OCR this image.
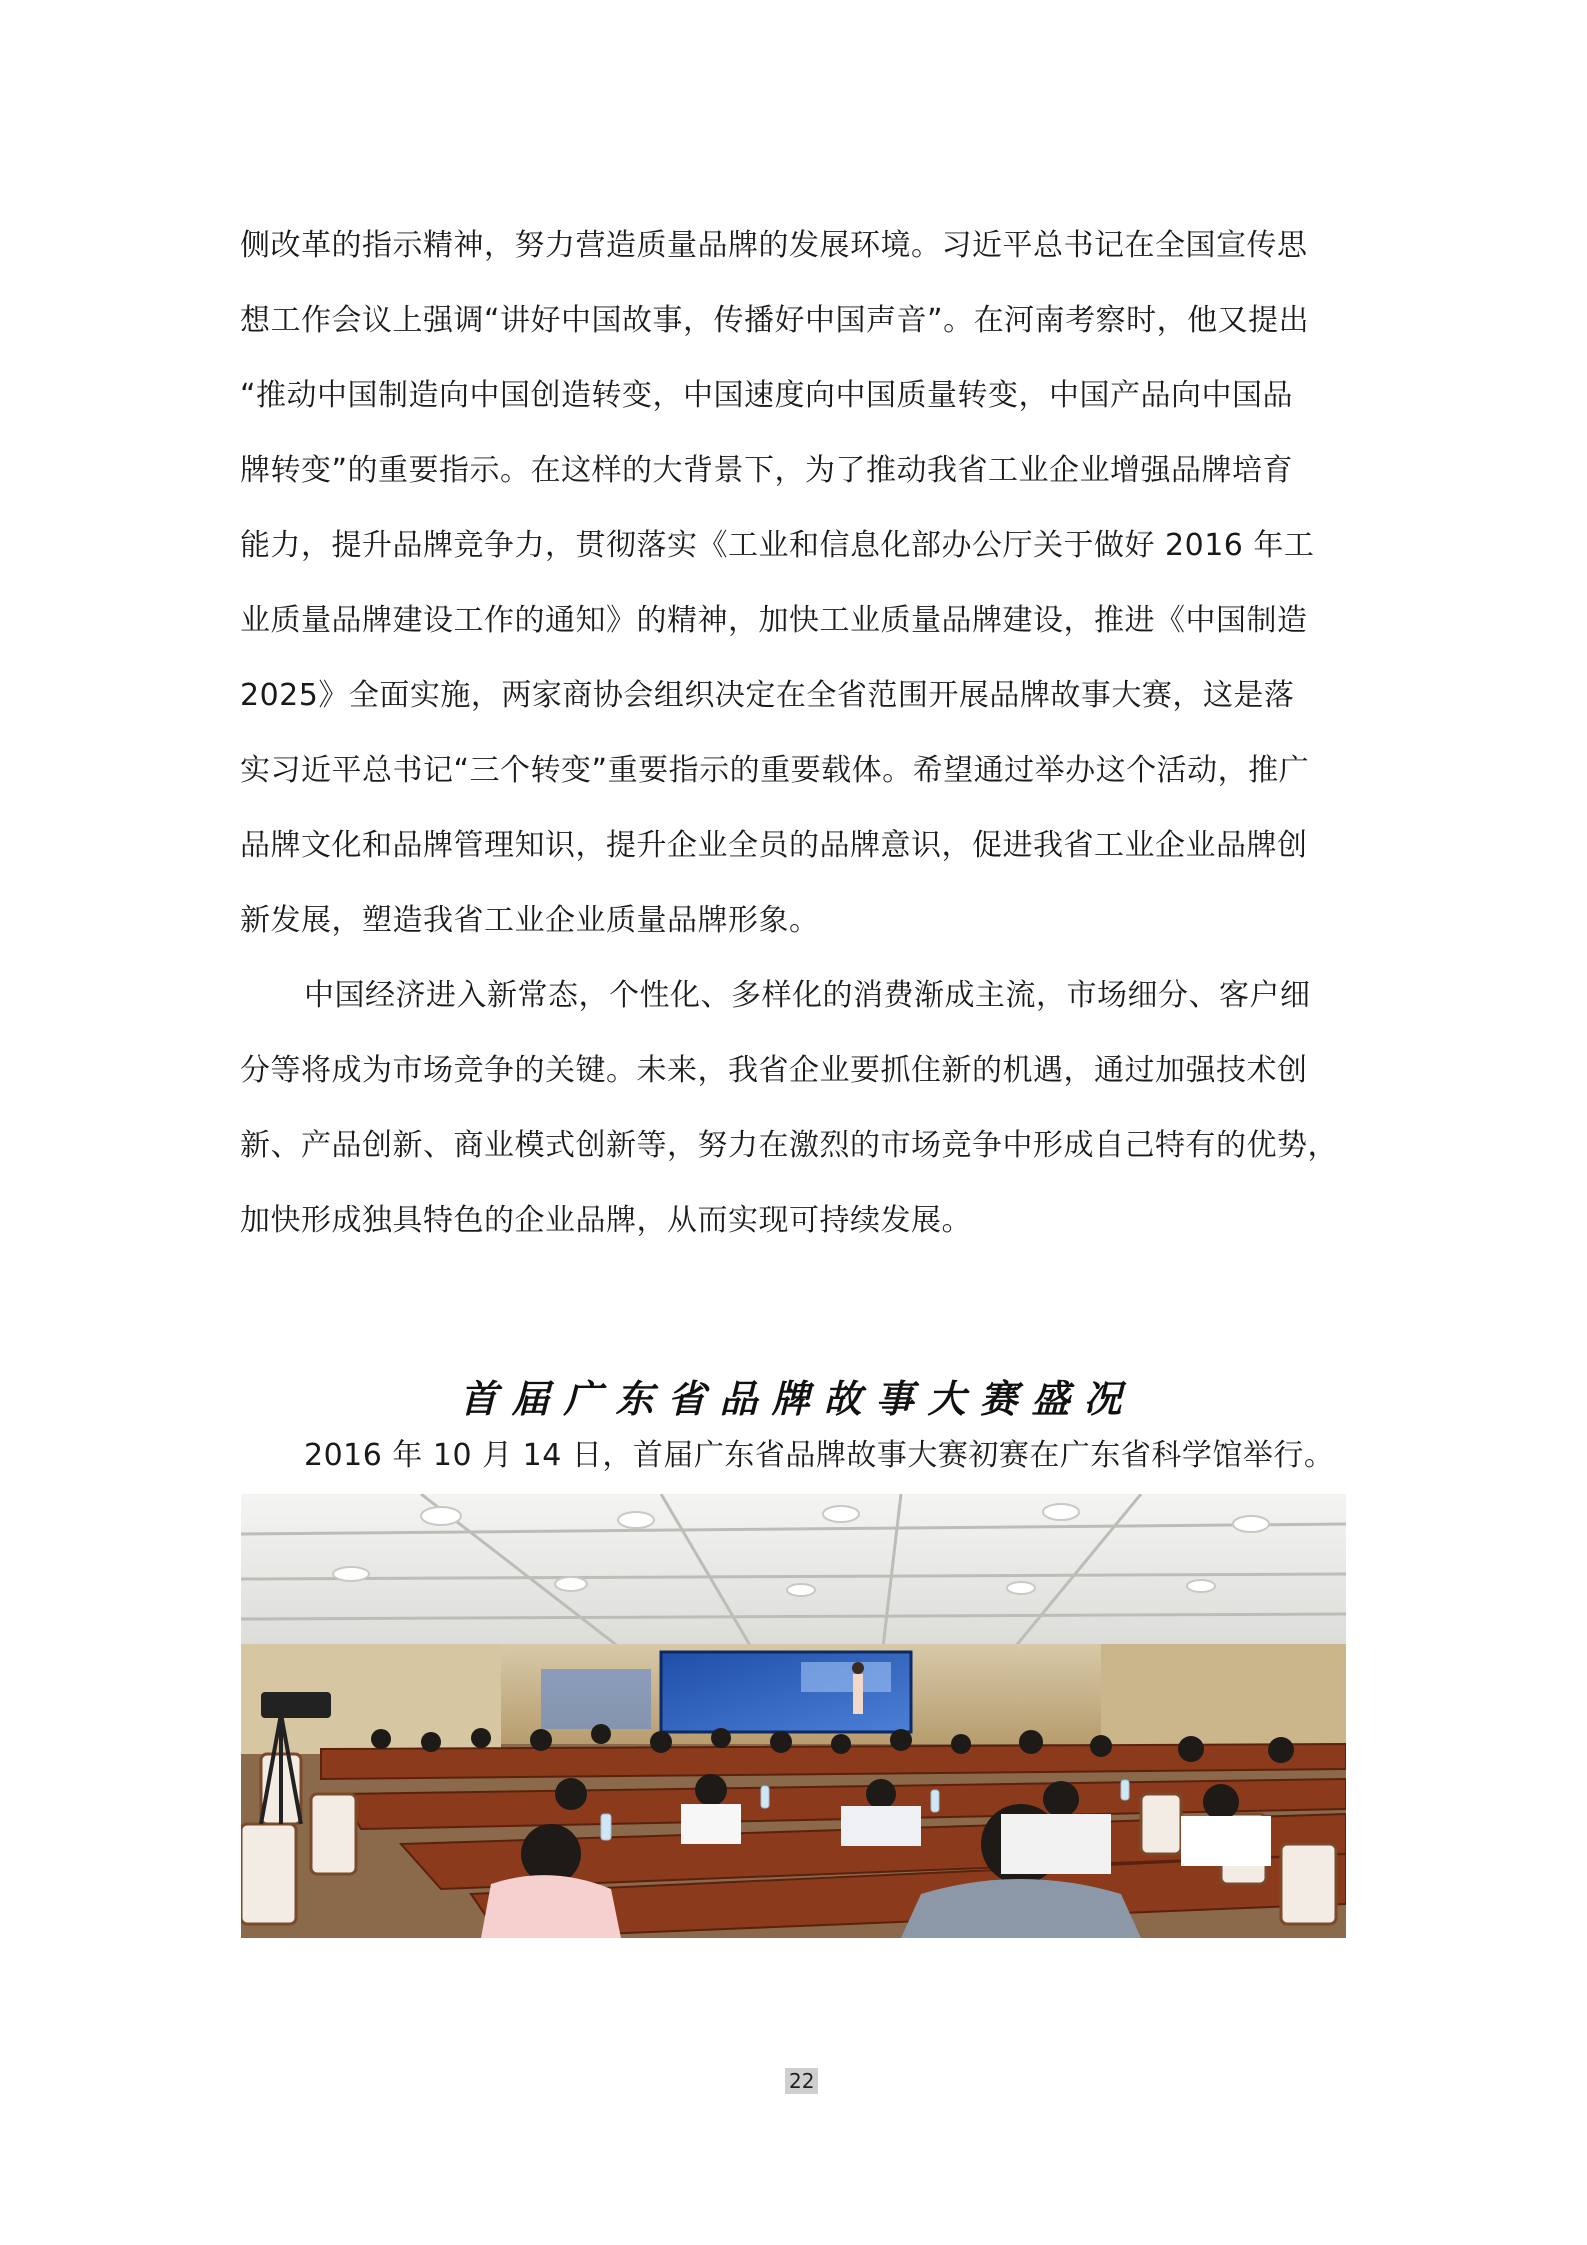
侧改革的指示精神，努力营造质量品牌的发展环境。习近平总书记在全国宣传思
想工作会议上强调“讲好中国故事，传播好中国声音”。在河南考察时，他又提出
“推动中国制造向中国创造转变，中国速度向中国质量转变，中国产品向中国品
牌转变”的重要指示。在这样的大背景下，为了推动我省工业企业增强品牌培育
能力，提升品牌竞争力，贯彻落实《工业和信息化部办公厅关于做好 2016 年工
业质量品牌建设工作的通知》的精神，加快工业质量品牌建设，推进《中国制造
2025》全面实施，两家商协会组织决定在全省范围开展品牌故事大赛，这是落
实习近平总书记“三个转变”重要指示的重要载体。希望通过举办这个活动，推广
品牌文化和品牌管理知识，提升企业全员的品牌意识，促进我省工业企业品牌创
新发展，塑造我省工业企业质量品牌形象。

中国经济进入新常态，个性化、多样化的消费渐成主流，市场细分、客户细
分等将成为市场竞争的关键。未来，我省企业要抓住新的机遇，通过加强技术创
新、产品创新、商业模式创新等，努力在激烈的市场竞争中形成自己特有的优势，
加快形成独具特色的企业品牌，从而实现可持续发展。

首届广东省品牌故事大赛盛况
2016 年 10 月 14 日，首届广东省品牌故事大赛初赛在广东省科学馆举行。
22
